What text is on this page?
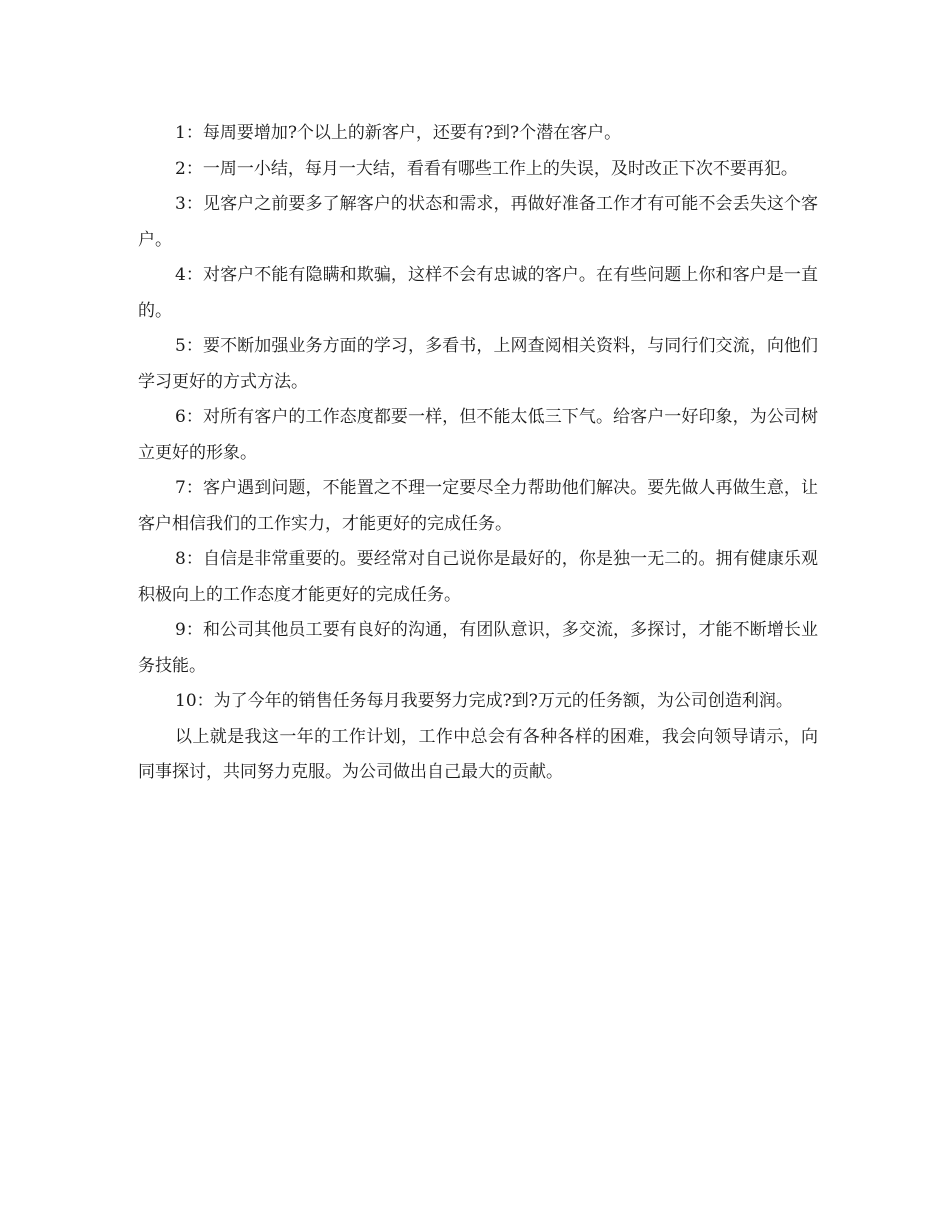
1：每周要增加?个以上的新客户，还要有?到?个潜在客户。

2：一周一小结，每月一大结，看看有哪些工作上的失误，及时改正下次不要再犯。

3：见客户之前要多了解客户的状态和需求，再做好准备工作才有可能不会丢失这个客户。

4：对客户不能有隐瞒和欺骗，这样不会有忠诚的客户。在有些问题上你和客户是一直的。

5：要不断加强业务方面的学习，多看书，上网查阅相关资料，与同行们交流，向他们学习更好的方式方法。

6：对所有客户的工作态度都要一样，但不能太低三下气。给客户一好印象，为公司树立更好的形象。

7：客户遇到问题，不能置之不理一定要尽全力帮助他们解决。要先做人再做生意，让客户相信我们的工作实力，才能更好的完成任务。

8：自信是非常重要的。要经常对自己说你是最好的，你是独一无二的。拥有健康乐观积极向上的工作态度才能更好的完成任务。

9：和公司其他员工要有良好的沟通，有团队意识，多交流，多探讨，才能不断增长业务技能。

10：为了今年的销售任务每月我要努力完成?到?万元的任务额，为公司创造利润。

以上就是我这一年的工作计划，工作中总会有各种各样的困难，我会向领导请示，向同事探讨，共同努力克服。为公司做出自己最大的贡献。
